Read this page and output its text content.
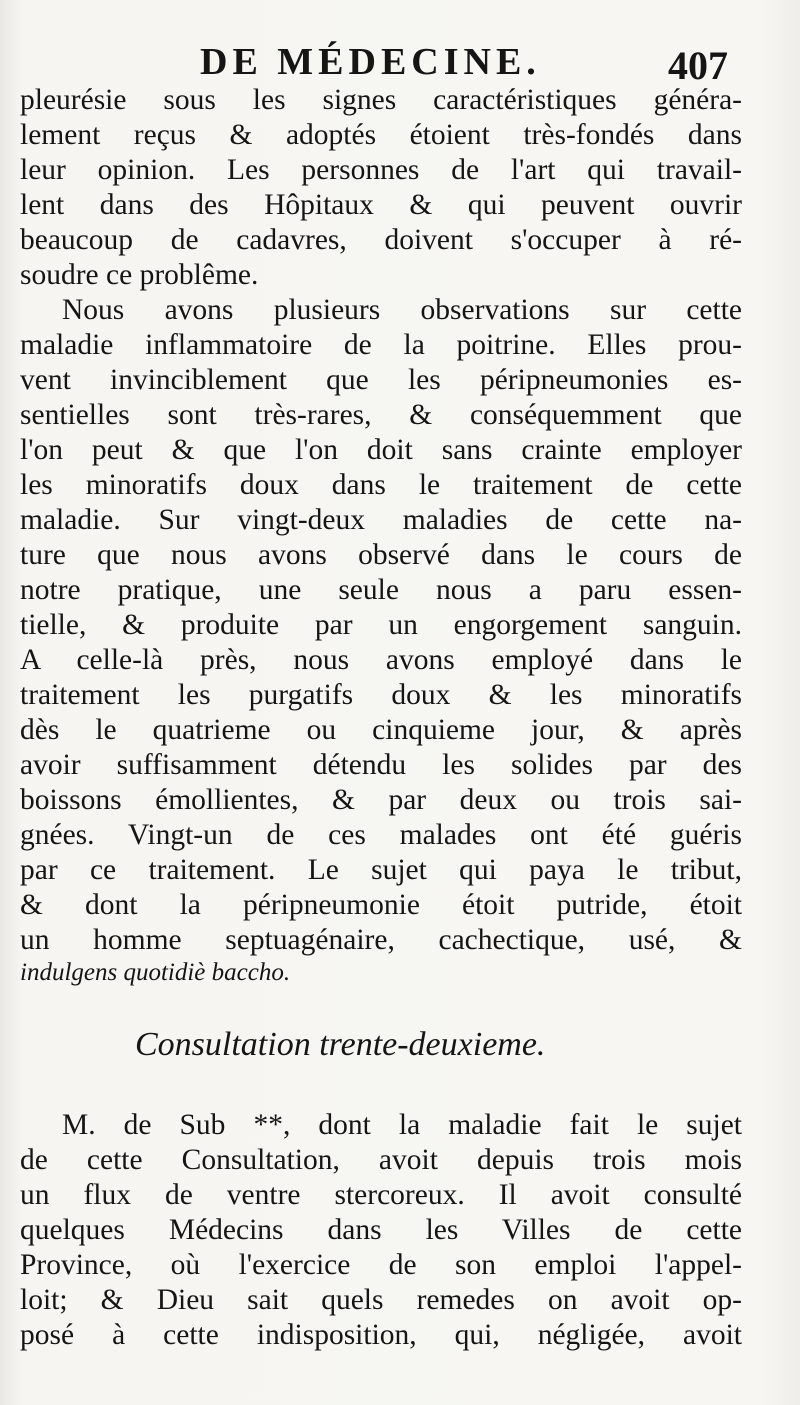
DE MÉDECINE.	407
pleurésie sous les signes caractéristiques généra-
lement reçus & adoptés étoient très-fondés dans
leur opinion. Les personnes de l'art qui travail-
lent dans des Hôpitaux & qui peuvent ouvrir
beaucoup de cadavres, doivent s'occuper à ré-
soudre ce problême.
Nous avons plusieurs observations sur cette
maladie inflammatoire de la poitrine. Elles prou-
vent invinciblement que les péripneumonies es-
sentielles sont très-rares, & conséquemment que
l'on peut & que l'on doit sans crainte employer
les minoratifs doux dans le traitement de cette
maladie. Sur vingt-deux maladies de cette na-
ture que nous avons observé dans le cours de
notre pratique, une seule nous a paru essen-
tielle, & produite par un engorgement sanguin.
A celle-là près, nous avons employé dans le
traitement les purgatifs doux & les minoratifs
dès le quatrieme ou cinquieme jour, & après
avoir suffisamment détendu les solides par des
boissons émollientes, & par deux ou trois sai-
gnées. Vingt-un de ces malades ont été guéris
par ce traitement. Le sujet qui paya le tribut,
& dont la péripneumonie étoit putride, étoit
un homme septuagénaire, cachectique, usé, &
indulgens quotidiè baccho.
Consultation trente-deuxieme.
M. de Sub **, dont la maladie fait le sujet
de cette Consultation, avoit depuis trois mois
un flux de ventre stercoreux. Il avoit consulté
quelques Médecins dans les Villes de cette
Province, où l'exercice de son emploi l'appel-
loit; & Dieu sait quels remedes on avoit op-
posé à cette indisposition, qui, négligée, avoit
